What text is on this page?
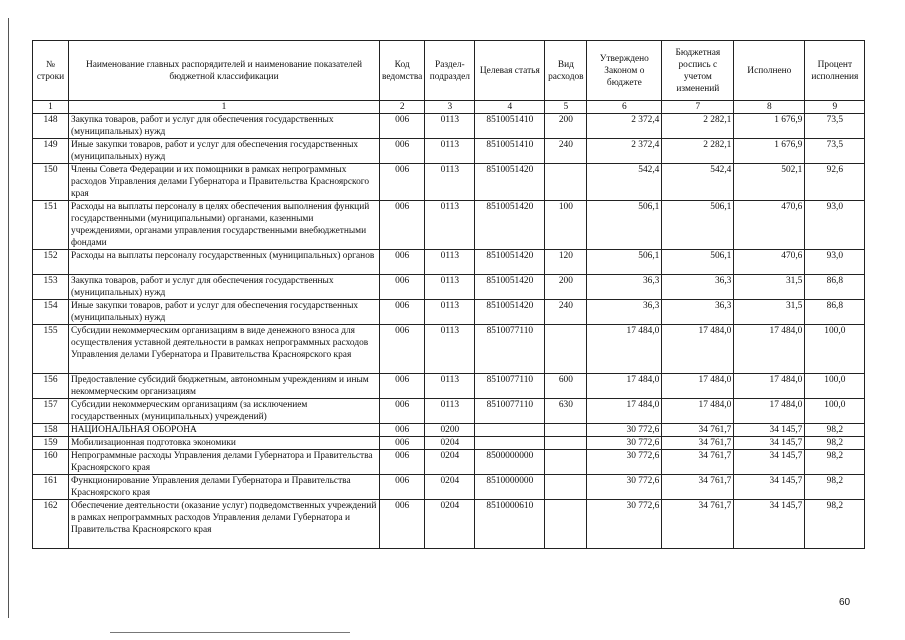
№ строки	Наименование главных распорядителей и наименование показателей бюджетной классификации	Код ведомства	Раздел-подраздел	Целевая статья	Вид расходов	Утверждено Законом о бюджете	Бюджетная роспись с учетом изменений	Исполнено	Процент исполнения
1	1	2	3	4	5	6	7	8	9
148	Закупка товаров, работ и услуг для обеспечения государственных (муниципальных) нужд	006	0113	8510051410	200	2 372,4	2 282,1	1 676,9	73,5
149	Иные закупки товаров, работ и услуг для обеспечения государственных (муниципальных) нужд	006	0113	8510051410	240	2 372,4	2 282,1	1 676,9	73,5
150	Члены Совета Федерации и их помощники в рамках непрограммных расходов Управления делами Губернатора и Правительства Красноярского края	006	0113	8510051420		542,4	542,4	502,1	92,6
151	Расходы на выплаты персоналу в целях обеспечения выполнения функций государственными (муниципальными) органами, казенными учреждениями, органами управления государственными внебюджетными фондами	006	0113	8510051420	100	506,1	506,1	470,6	93,0
152	Расходы на выплаты персоналу государственных (муниципальных) органов	006	0113	8510051420	120	506,1	506,1	470,6	93,0
153	Закупка товаров, работ и услуг для обеспечения государственных (муниципальных) нужд	006	0113	8510051420	200	36,3	36,3	31,5	86,8
154	Иные закупки товаров, работ и услуг для обеспечения государственных (муниципальных) нужд	006	0113	8510051420	240	36,3	36,3	31,5	86,8
155	Субсидии некоммерческим организациям в виде денежного взноса для осуществления уставной деятельности в рамках непрограммных расходов Управления делами Губернатора и Правительства Красноярского края	006	0113	8510077110		17 484,0	17 484,0	17 484,0	100,0
156	Предоставление субсидий бюджетным, автономным учреждениям и иным некоммерческим организациям	006	0113	8510077110	600	17 484,0	17 484,0	17 484,0	100,0
157	Субсидии некоммерческим организациям (за исключением государственных (муниципальных) учреждений)	006	0113	8510077110	630	17 484,0	17 484,0	17 484,0	100,0
158	НАЦИОНАЛЬНАЯ ОБОРОНА	006	0200			30 772,6	34 761,7	34 145,7	98,2
159	Мобилизационная подготовка экономики	006	0204			30 772,6	34 761,7	34 145,7	98,2
160	Непрограммные расходы Управления делами Губернатора и Правительства Красноярского края	006	0204	8500000000		30 772,6	34 761,7	34 145,7	98,2
161	Функционирование Управления делами Губернатора и Правительства Красноярского края	006	0204	8510000000		30 772,6	34 761,7	34 145,7	98,2
162	Обеспечение деятельности (оказание услуг) подведомственных учреждений в рамках непрограммных расходов Управления делами Губернатора и Правительства Красноярского края	006	0204	8510000610		30 772,6	34 761,7	34 145,7	98,2
60
